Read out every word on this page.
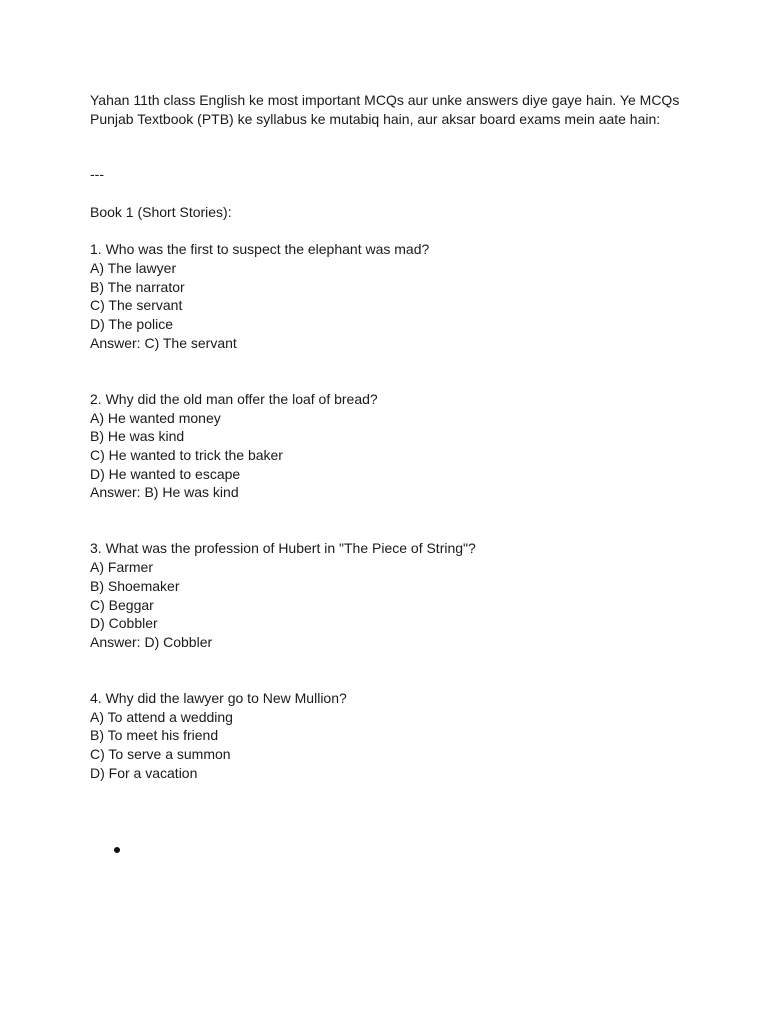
Yahan 11th class English ke most important MCQs aur unke answers diye gaye hain. Ye MCQs

Punjab Textbook (PTB) ke syllabus ke mutabiq hain, aur aksar board exams mein aate hain:

---

Book 1 (Short Stories):

1. Who was the first to suspect the elephant was mad?

A) The lawyer

B) The narrator

C) The servant

D) The police

Answer: C) The servant

2. Why did the old man offer the loaf of bread?

A) He wanted money

B) He was kind

C) He wanted to trick the baker

D) He wanted to escape

Answer: B) He was kind

3. What was the profession of Hubert in "The Piece of String"?

A) Farmer

B) Shoemaker

C) Beggar

D) Cobbler

Answer: D) Cobbler

4. Why did the lawyer go to New Mullion?

A) To attend a wedding

B) To meet his friend

C) To serve a summon

D) For a vacation
